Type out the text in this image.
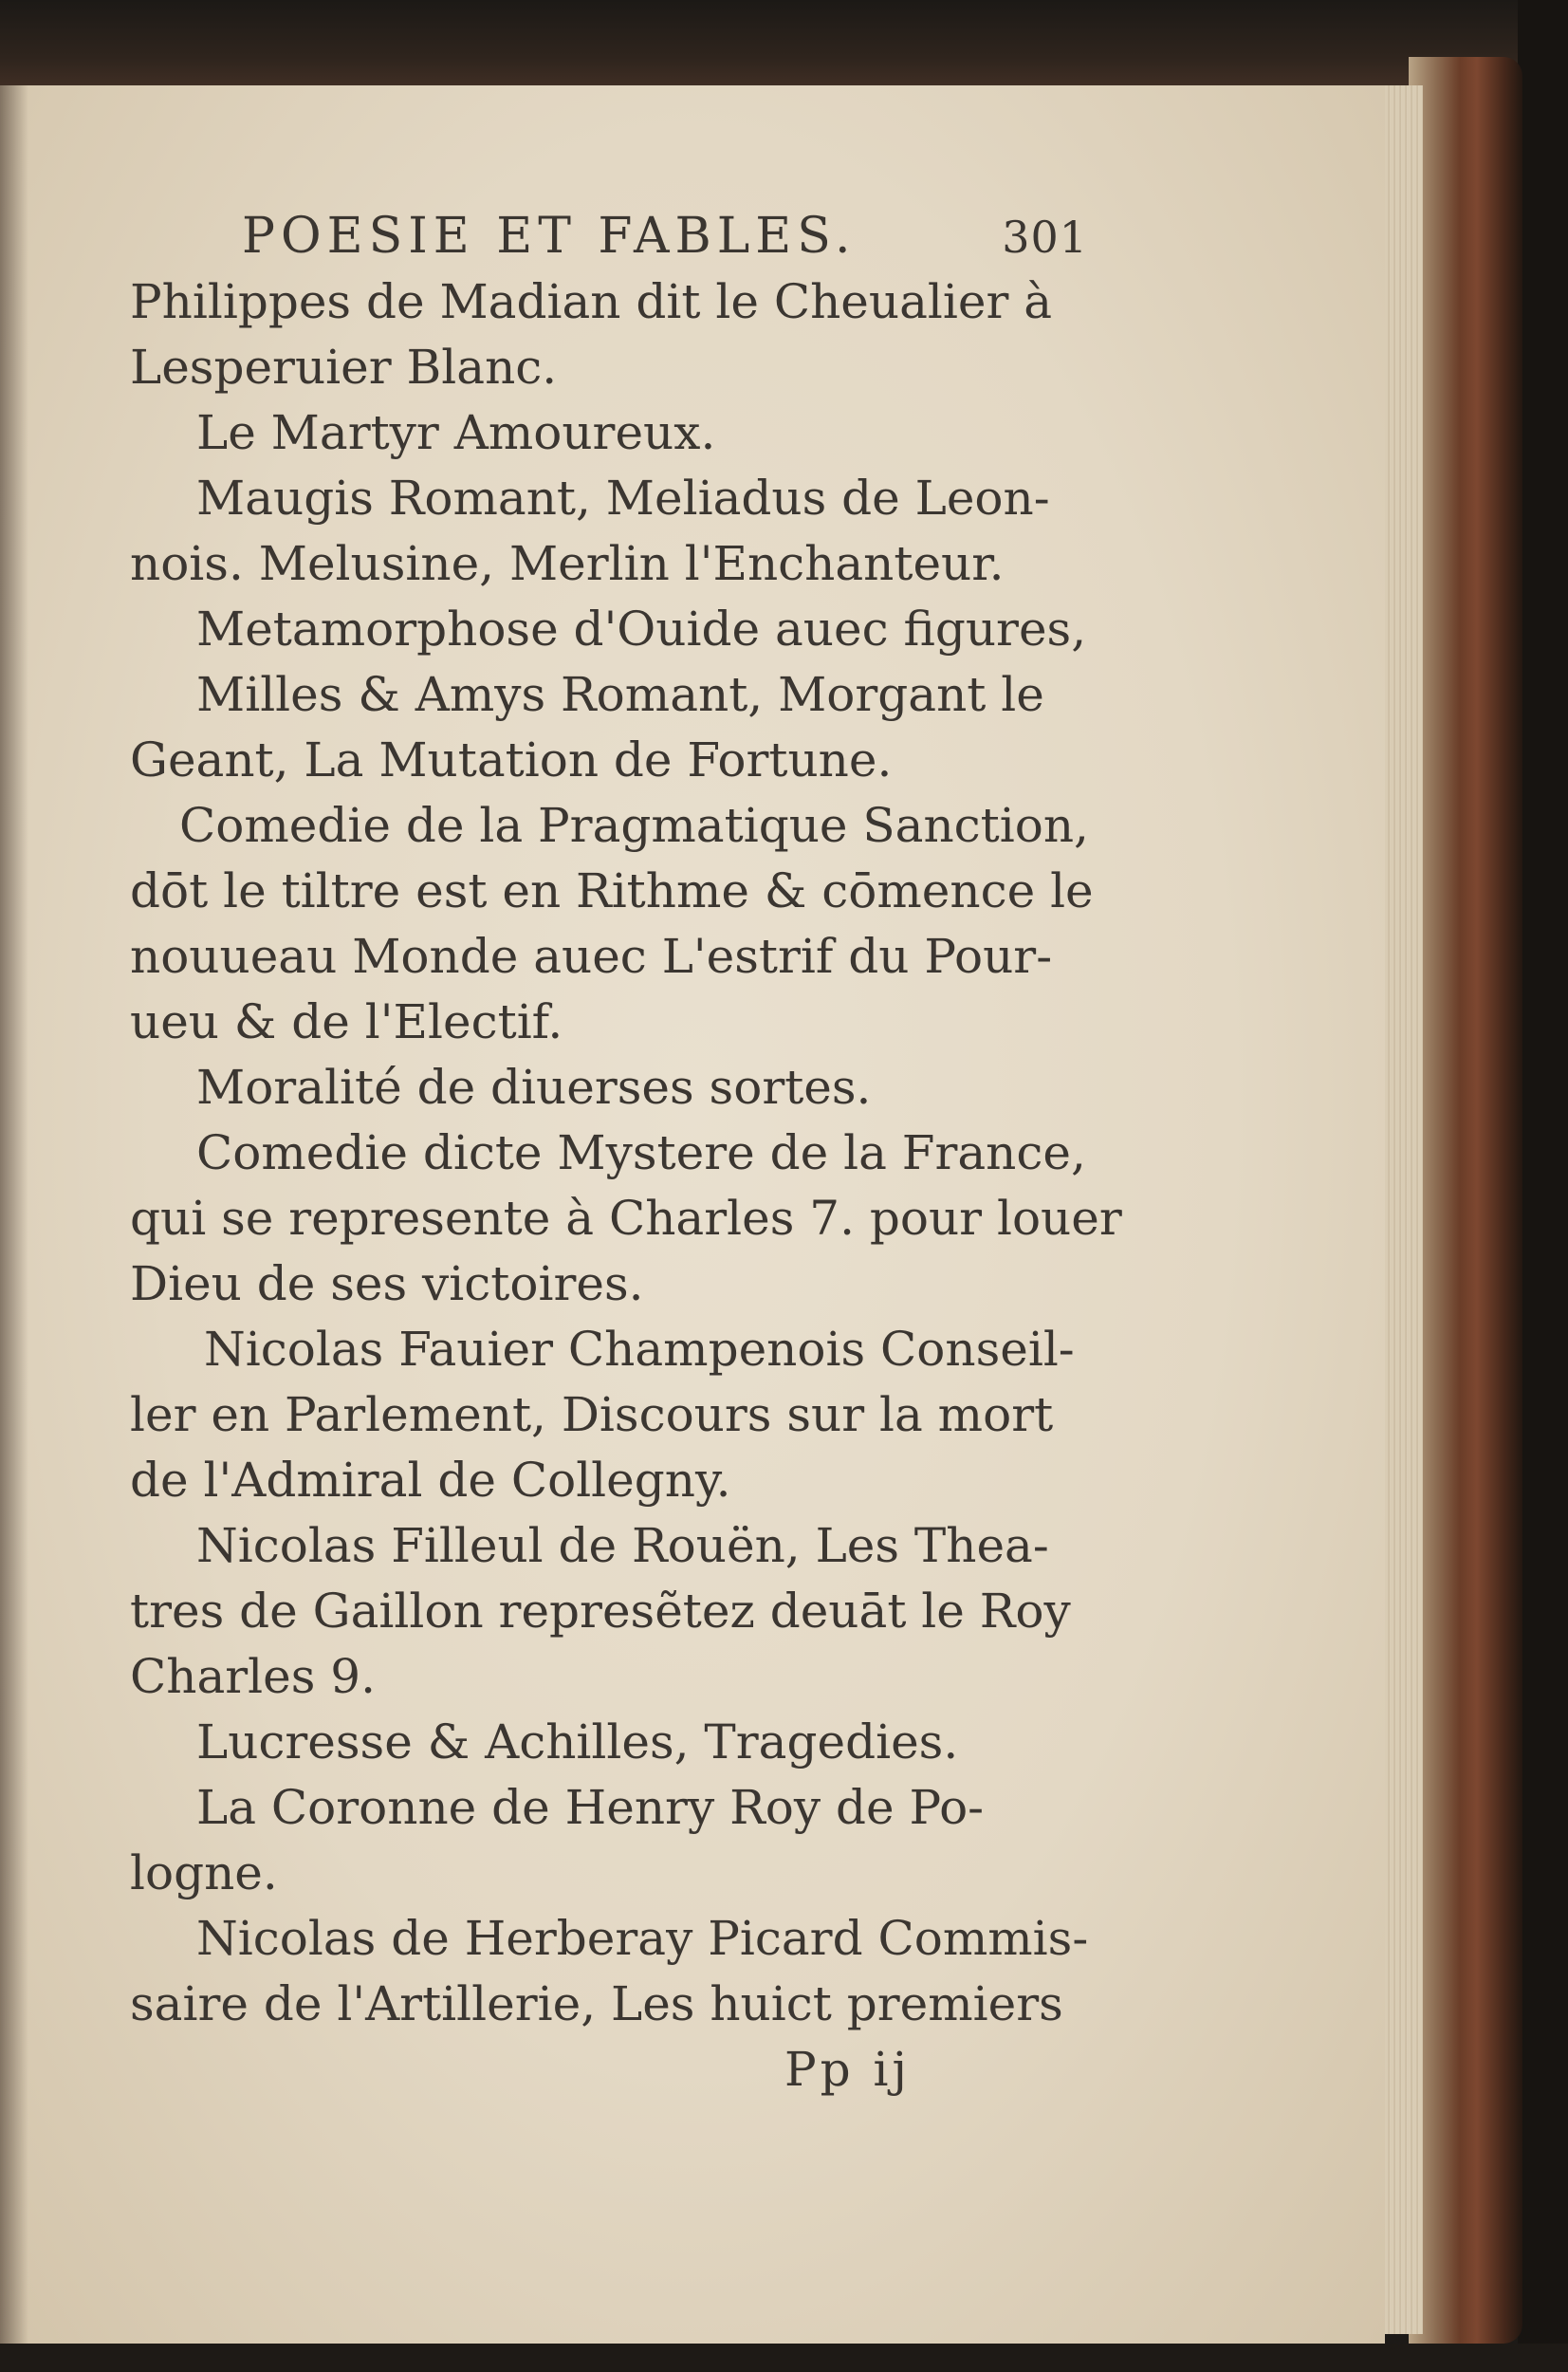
POESIE ET FABLES.	301
Philippes de Madian dit le Cheualier à
Lesperuier Blanc.
Le Martyr Amoureux.
Maugis Romant, Meliadus de Leon-
nois. Melusine, Merlin l'Enchanteur.
Metamorphose d'Ouide auec figures,
Milles & Amys Romant, Morgant le
Geant, La Mutation de Fortune.
Comedie de la Pragmatique Sanction,
dōt le tiltre est en Rithme & cōmence le
nouueau Monde auec L'estrif du Pour-
ueu & de l'Electif.
Moralité de diuerses sortes.
Comedie dicte Mystere de la France,
qui se represente à Charles 7. pour louer
Dieu de ses victoires.
Nicolas Fauier Champenois Conseil-
ler en Parlement, Discours sur la mort
de l'Admiral de Collegny.
Nicolas Filleul de Rouën, Les Thea-
tres de Gaillon represẽtez deuāt le Roy
Charles 9.
Lucresse & Achilles, Tragedies.
La Coronne de Henry Roy de Po-
logne.
Nicolas de Herberay Picard Commis-
saire de l'Artillerie, Les huict premiers
Pp ij
